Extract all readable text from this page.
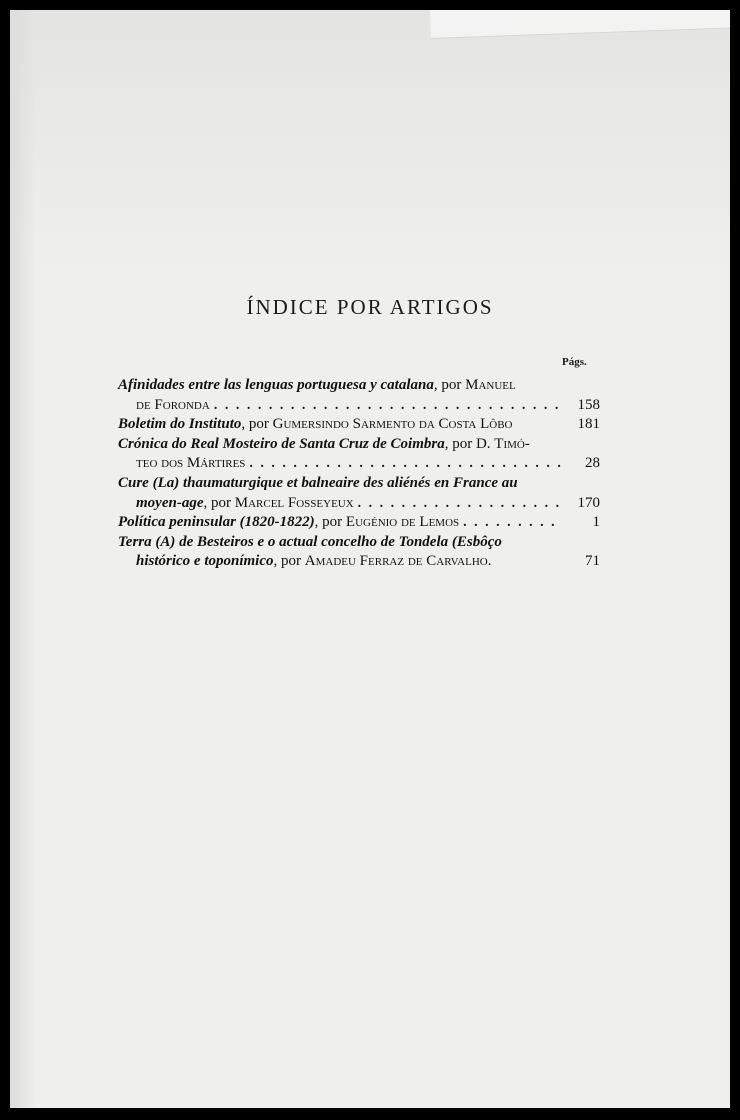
ÍNDICE POR ARTIGOS
Págs.
Afinidades entre las lenguas portuguesa y catalana , por Manuel
de Foronda . . .	158
Boletim do Instituto , por Gumersindo Sarmento da Costa Lôbo	181
Crónica do Real Mosteiro de Santa Cruz de Coimbra , por D. Timó-
teo dos Mártires . . .	28
Cure (La) thaumaturgique et balneaire des aliénés en France au
moyen-age , por Marcel Fosseyeux . . .	170
Política peninsular (1820-1822) , por Eugénio de Lemos . . .	1
Terra (A) de Besteiros e o actual concelho de Tondela (Esbôço
histórico e toponímico , por Amadeu Ferraz de Carvalho.	71
